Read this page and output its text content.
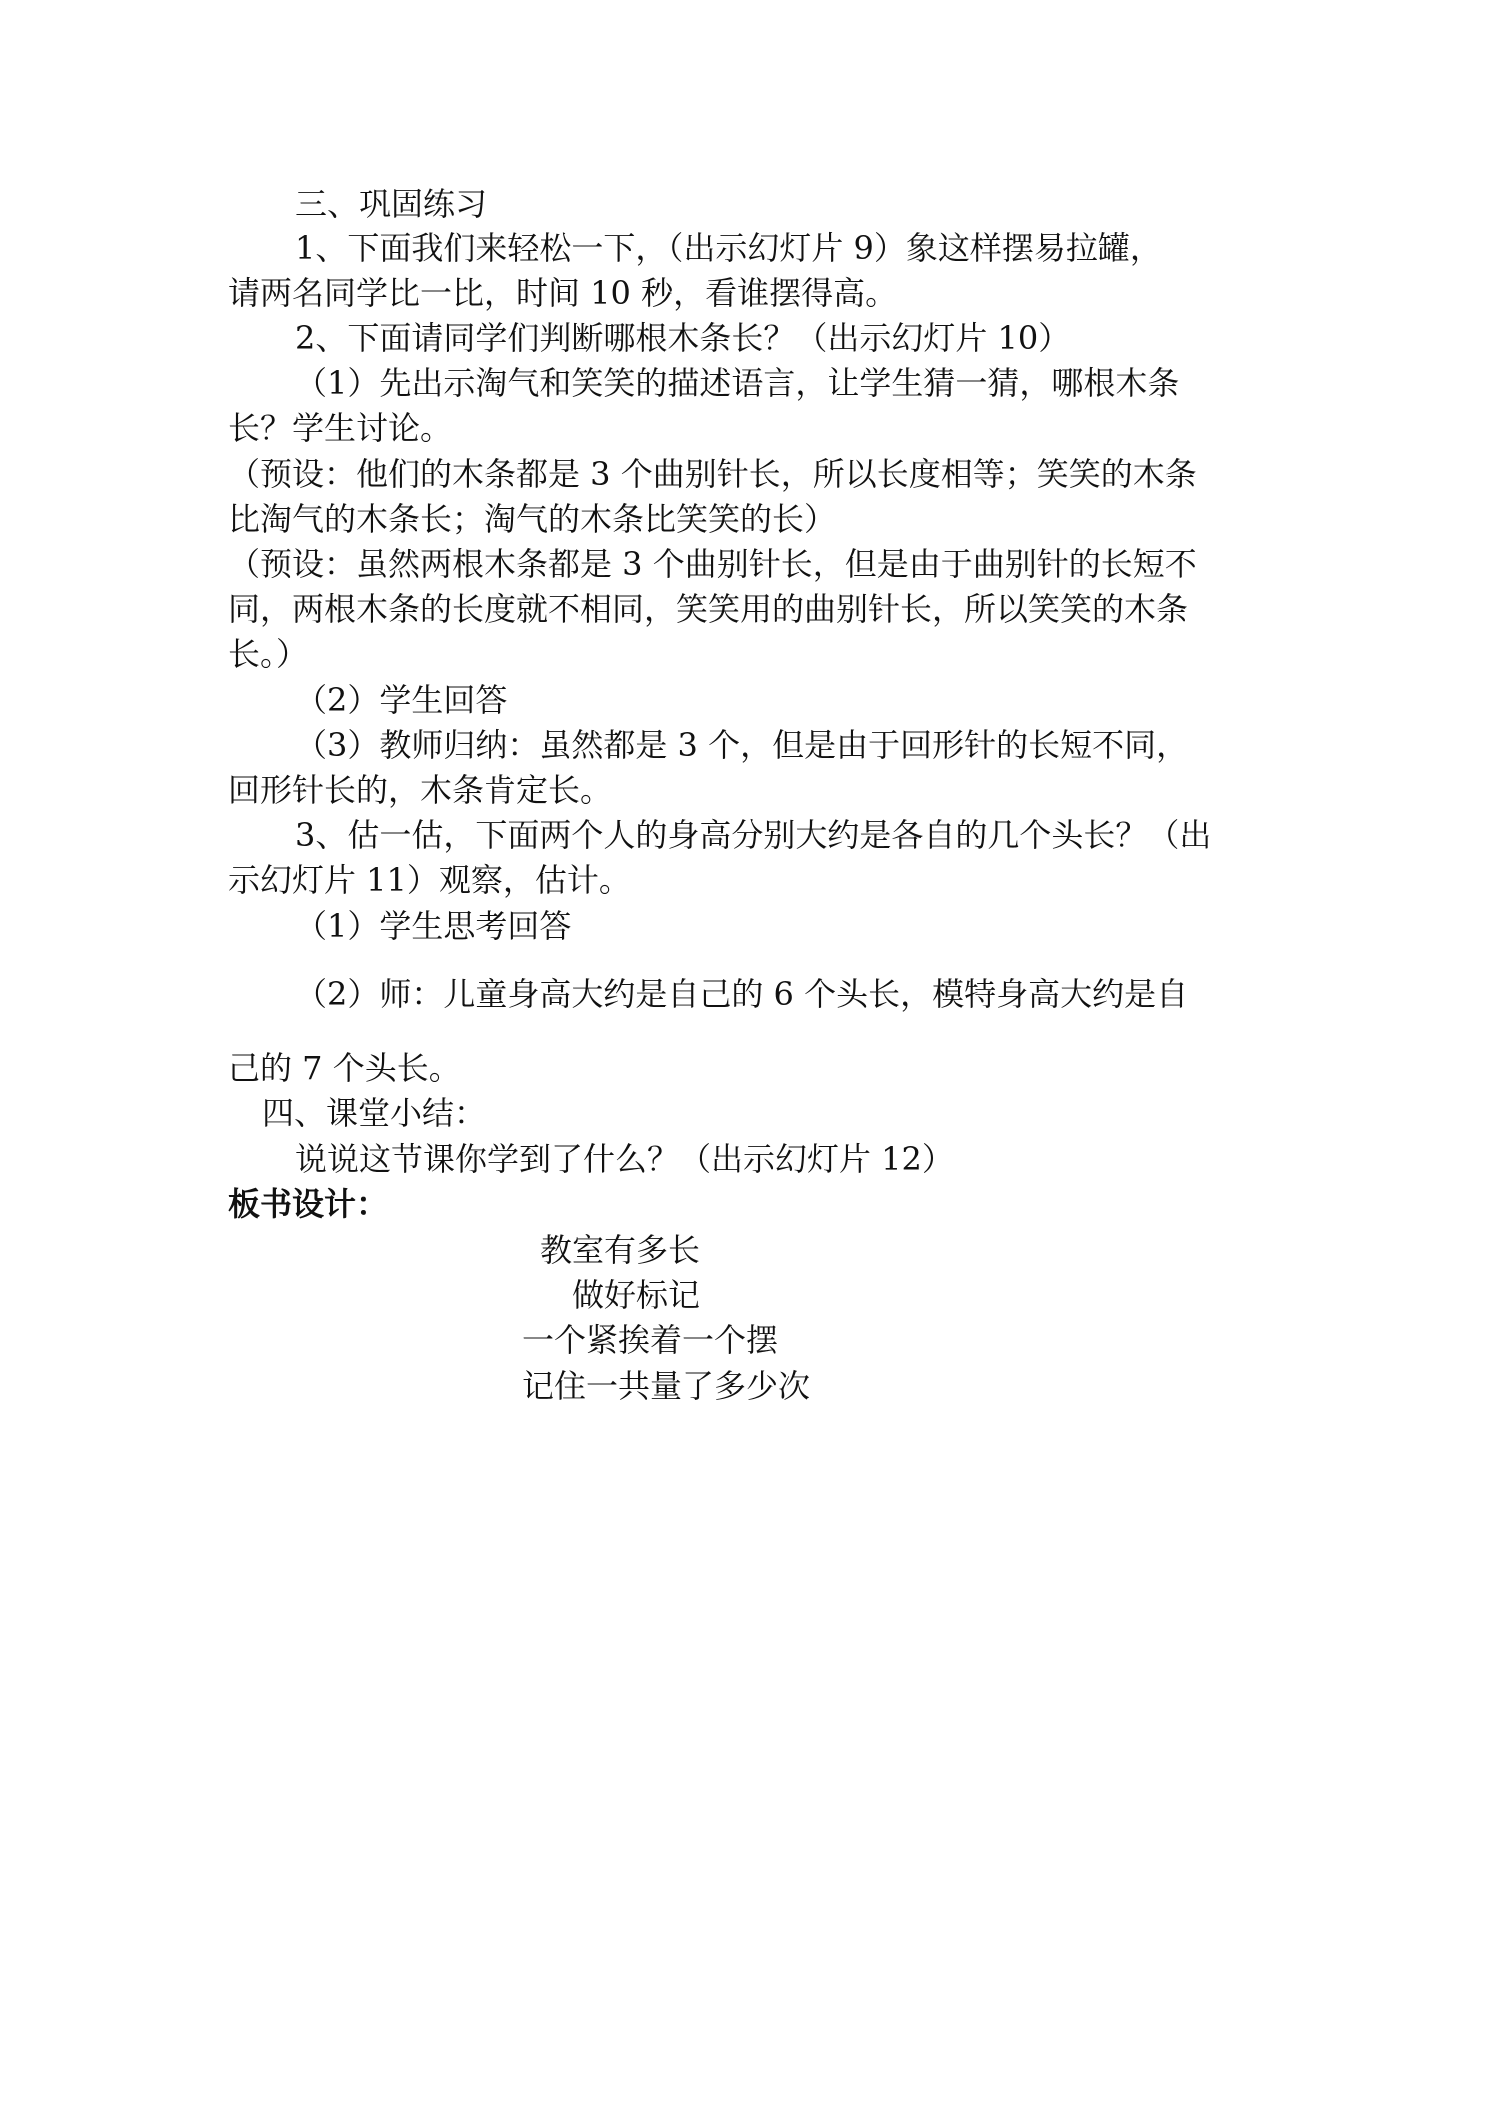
三、巩固练习
1、下面我们来轻松一下，（出示幻灯片 9）象这样摆易拉罐，
请两名同学比一比，时间 10 秒，看谁摆得高。
2、下面请同学们判断哪根木条长？（出示幻灯片 10）
（1）先出示淘气和笑笑的描述语言，让学生猜一猜，哪根木条
长？学生讨论。
（预设：他们的木条都是 3 个曲别针长，所以长度相等；笑笑的木条
比淘气的木条长；淘气的木条比笑笑的长）
（预设：虽然两根木条都是 3 个曲别针长，但是由于曲别针的长短不
同，两根木条的长度就不相同，笑笑用的曲别针长，所以笑笑的木条
长。）
（2）学生回答
（3）教师归纳：虽然都是 3 个，但是由于回形针的长短不同，
回形针长的，木条肯定长。
3、估一估，下面两个人的身高分别大约是各自的几个头长？（出
示幻灯片 11）观察，估计。
（1）学生思考回答
（2）师：儿童身高大约是自己的 6 个头长，模特身高大约是自
己的 7 个头长。
四、课堂小结：
说说这节课你学到了什么？（出示幻灯片 12）
板书设计：
教室有多长
做好标记
一个紧挨着一个摆
记住一共量了多少次
